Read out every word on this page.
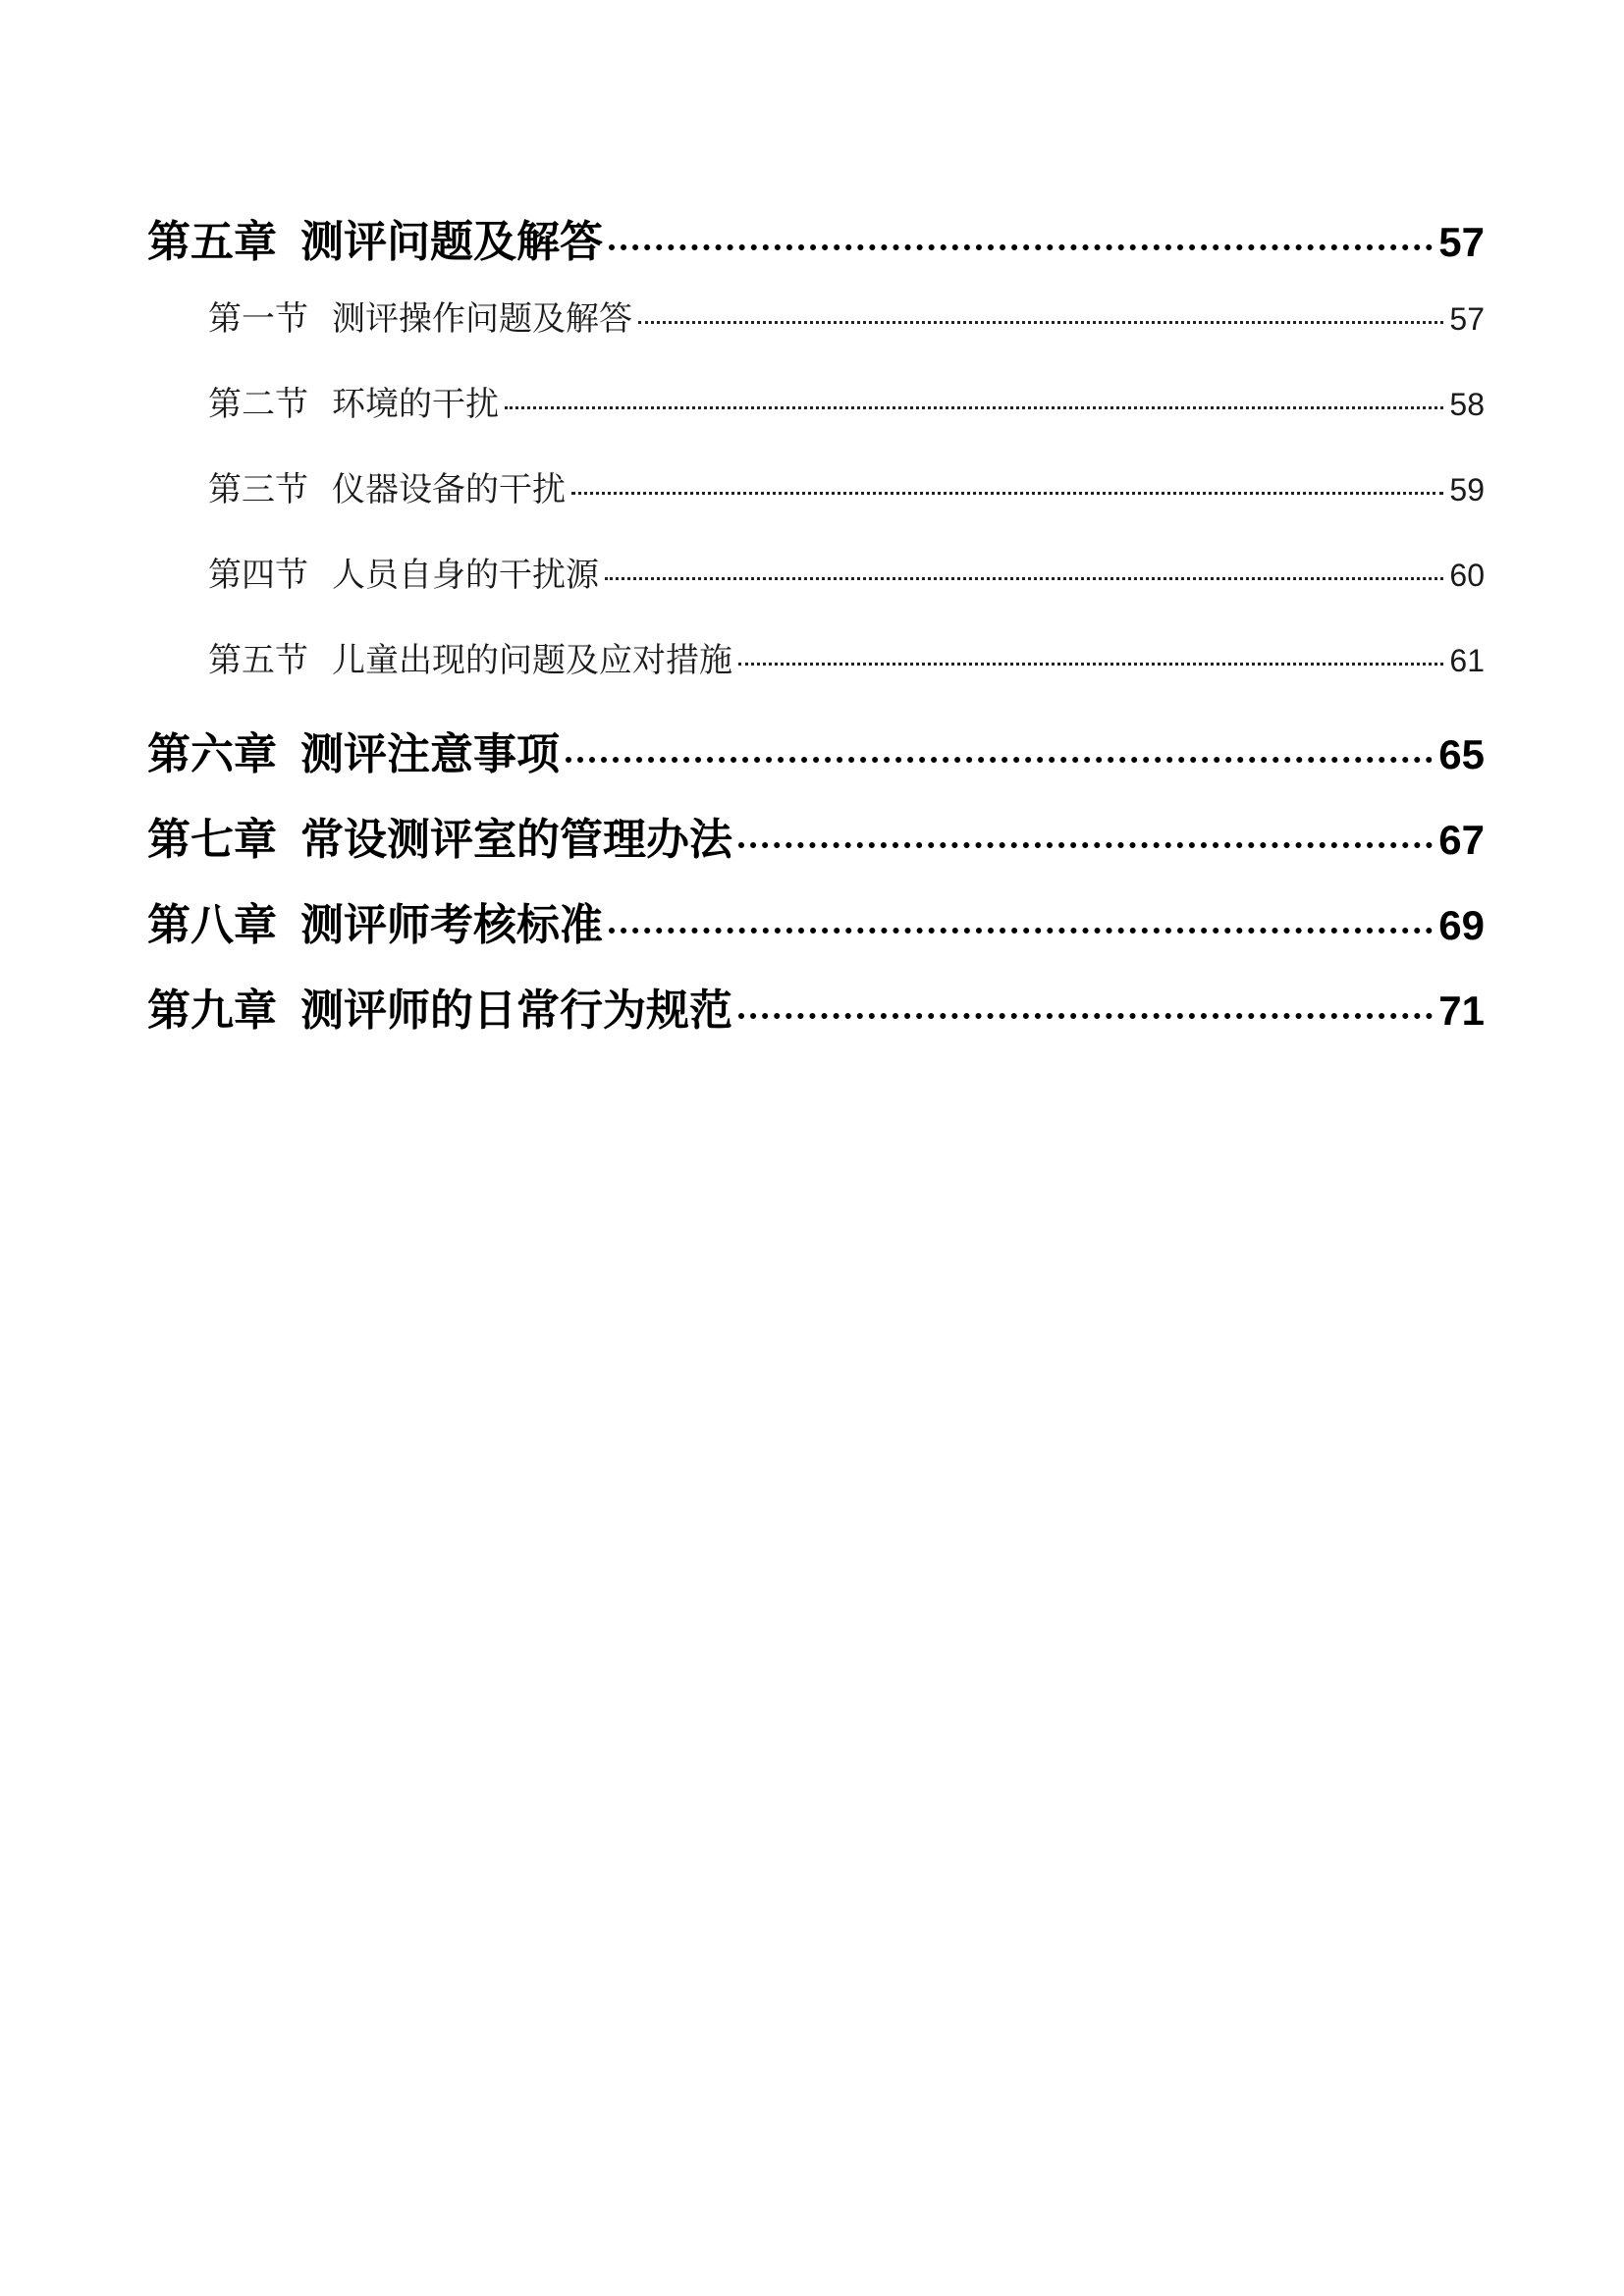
第五章 测评问题及解答	57
第一节 测评操作问题及解答	57
第二节 环境的干扰	58
第三节 仪器设备的干扰	59
第四节 人员自身的干扰源	60
第五节 儿童出现的问题及应对措施	61
第六章 测评注意事项	65
第七章 常设测评室的管理办法	67
第八章 测评师考核标准	69
第九章 测评师的日常行为规范	71
